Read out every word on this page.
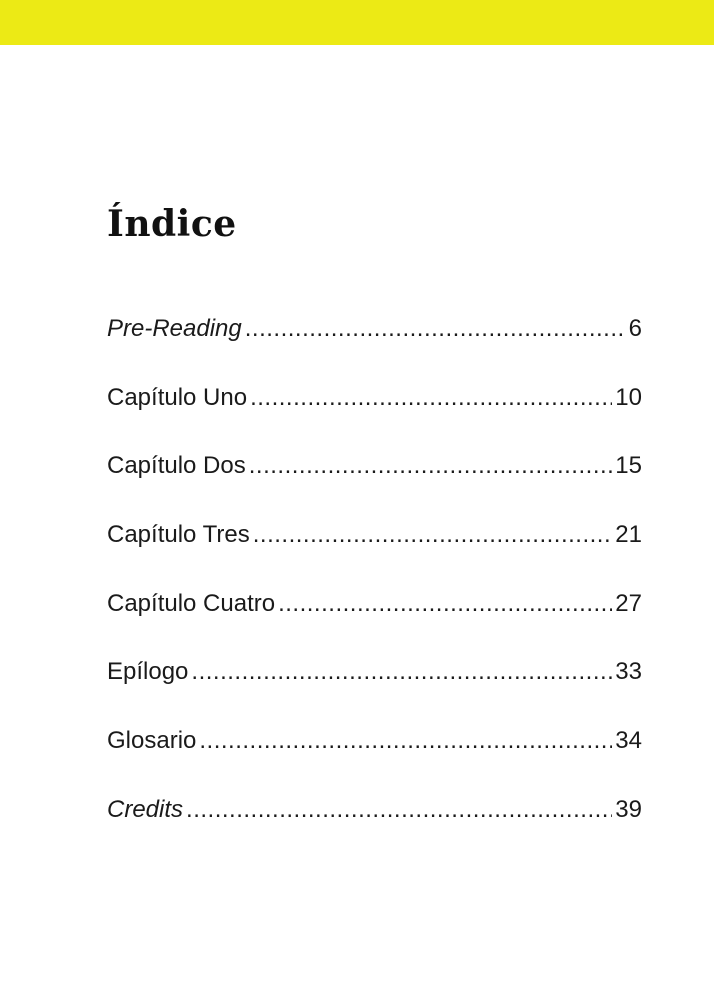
Índice
Pre-Reading .....	6
Capítulo Uno .....	10
Capítulo Dos .....	15
Capítulo Tres .....	21
Capítulo Cuatro .....	27
Epílogo .....	33
Glosario .....	34
Credits .....	39
